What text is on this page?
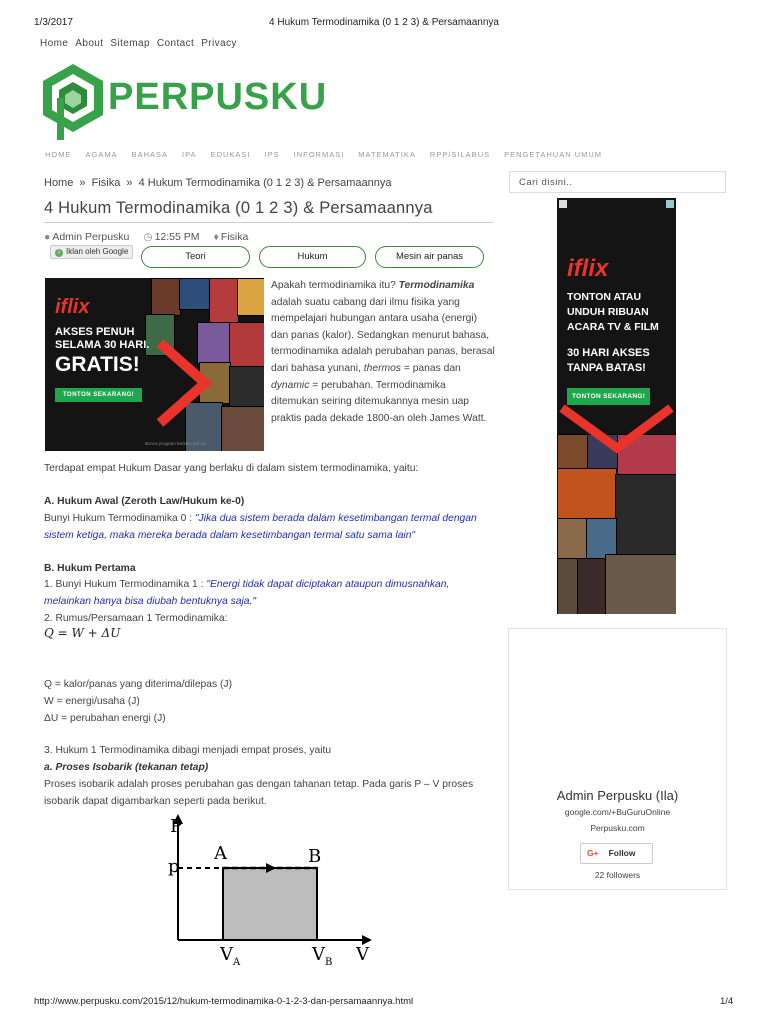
1/3/2017	4 Hukum Termodinamika (0 1 2 3) & Persamaannya
Home About Sitemap Contact Privacy
PERPUSKU
HOME AGAMA BAHASA IPA EDUKASI IPS INFORMASI MATEMATIKA RPP/SILABUS PENGETAHUAN UMUM
Home » Fisika » 4 Hukum Termodinamika (0 1 2 3) & Persamaannya
4 Hukum Termodinamika (0 1 2 3) & Persamaannya
● Admin Perpusku ◷ 12:55 PM ♦ Fisika
i Iklan oleh Google	Teori	Hukum	Mesin air panas
iflix
AKSES PENUH
SELAMA 30 HARI.
GRATIS!
TONTON SEKARANG!
Bonus program berlaku s/d 31...
Apakah termodinamika itu? Termodinamika adalah suatu cabang dari ilmu fisika yang mempelajari hubungan antara usaha (energi) dan panas (kalor). Sedangkan menurut bahasa, termodinamika adalah perubahan panas, berasal dari bahasa yunani, thermos = panas dan dynamic = perubahan. Termodinamika ditemukan seiring ditemukannya mesin uap praktis pada dekade 1800-an oleh James Watt.
Terdapat empat Hukum Dasar yang berlaku di dalam sistem termodinamika, yaitu:
A. Hukum Awal (Zeroth Law/Hukum ke-0)
Bunyi Hukum Termodinamika 0 : "Jika dua sistem berada dalam kesetimbangan termal dengan sistem ketiga, maka mereka berada dalam kesetimbangan termal satu sama lain"
B. Hukum Pertama
1. Bunyi Hukum Termodinamika 1 : "Energi tidak dapat diciptakan ataupun dimusnahkan, melainkan hanya bisa diubah bentuknya saja."
2. Rumus/Persamaan 1 Termodinamika:
Q = W + ΔU
Q = kalor/panas yang diterima/dilepas (J)
W = energi/usaha (J)
ΔU = perubahan energi (J)
3. Hukum 1 Termodinamika dibagi menjadi empat proses, yaitu
a. Proses Isobarik (tekanan tetap)
Proses isobarik adalah proses perubahan gas dengan tahanan tetap. Pada garis P – V proses isobarik dapat digambarkan seperti pada berikut.
P
V
p
A	B
$V_A$	$V_B$
Cari disini..
iflix
TONTON ATAU UNDUH RIBUAN ACARA TV & FILM
30 HARI AKSES TANPA BATAS!
TONTON SEKARANG!
Admin Perpusku (Ila)
google.com/+BuGuruOnline
Perpusku.com
G+ Follow
22 followers
http://www.perpusku.com/2015/12/hukum-termodinamika-0-1-2-3-dan-persamaannya.html	1/4
